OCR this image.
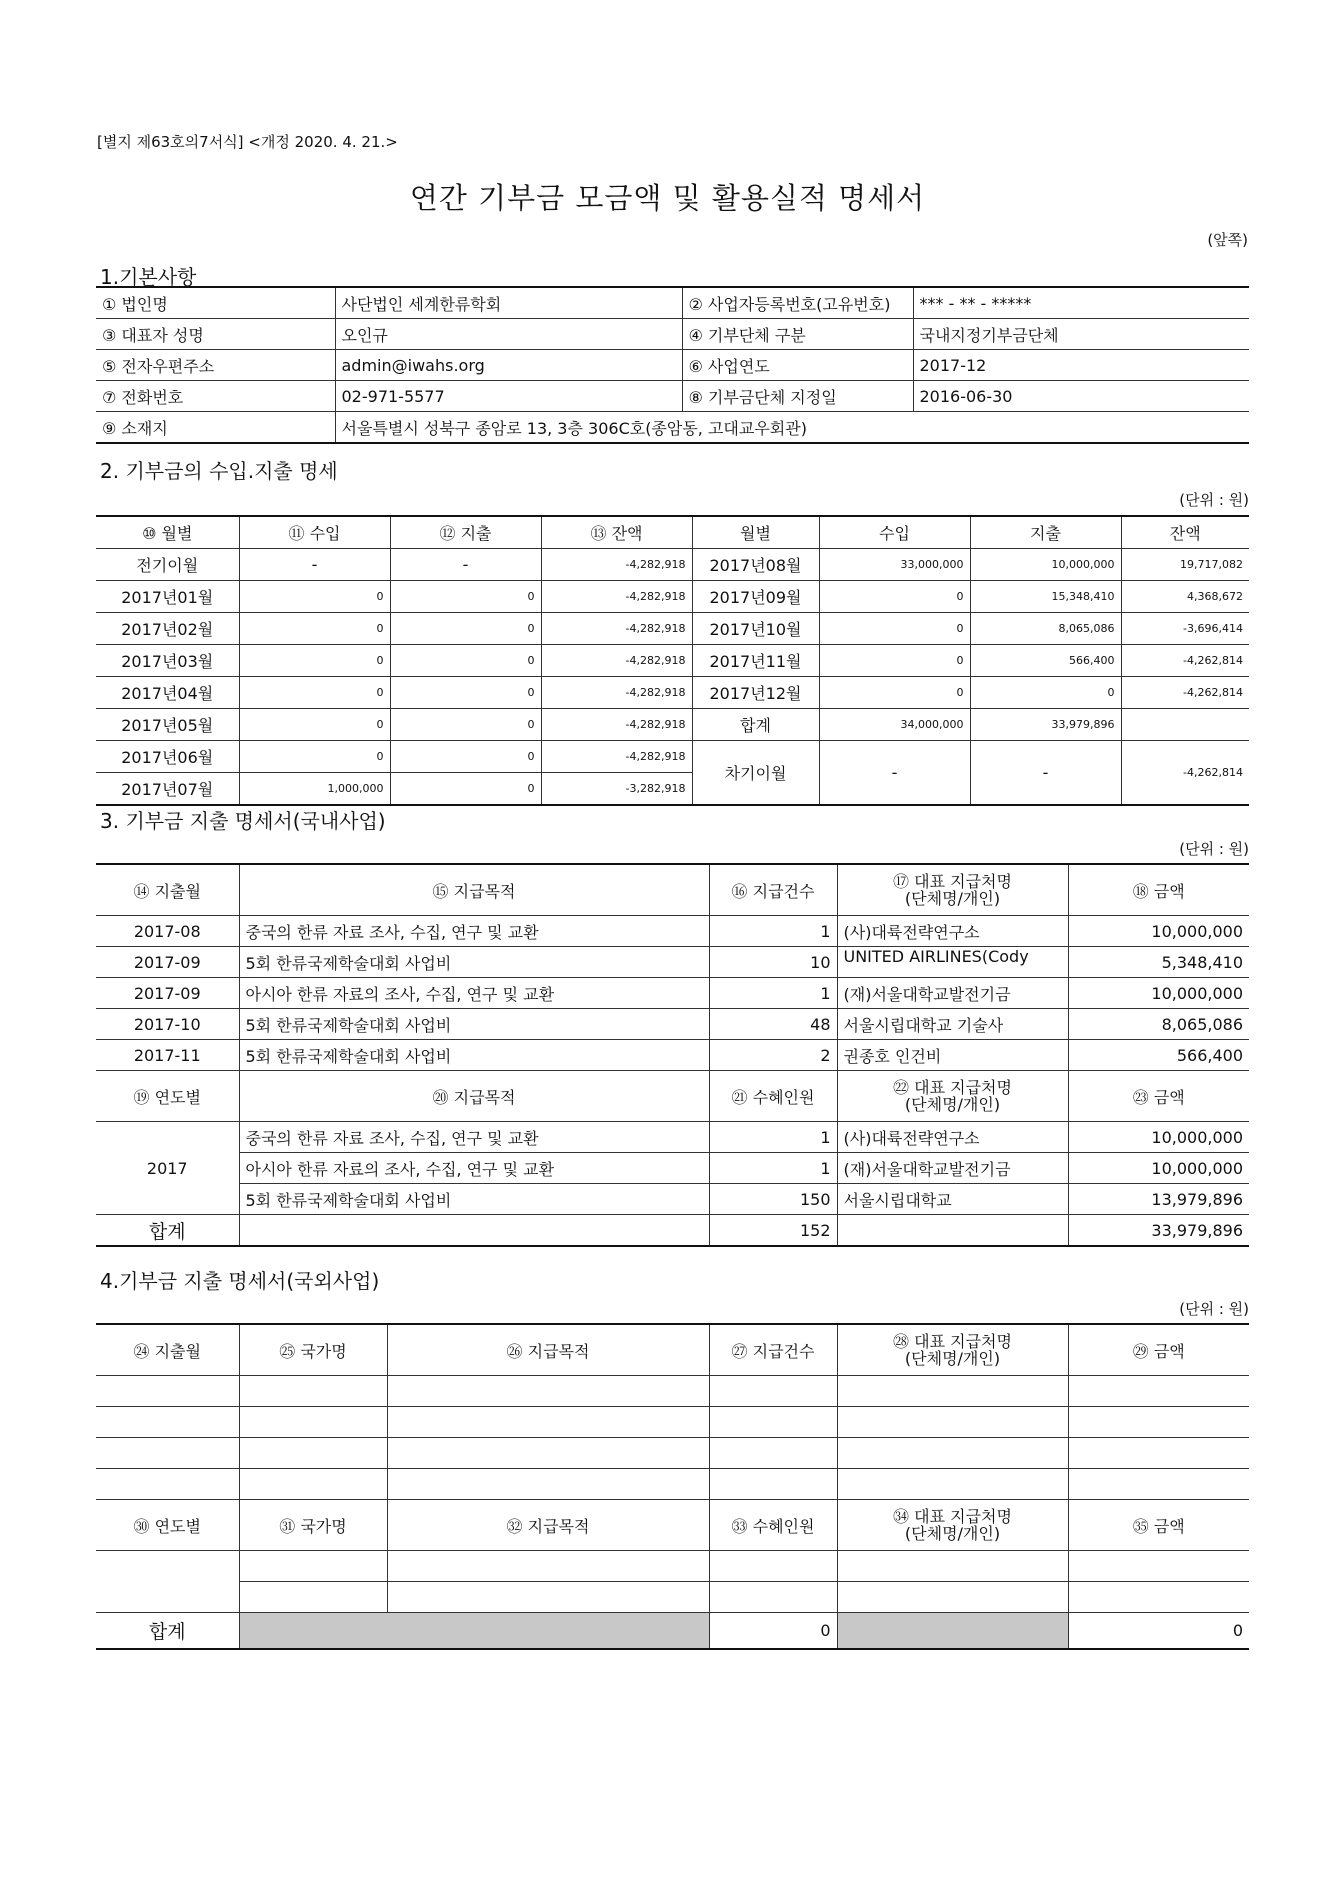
[별지 제63호의7서식] <개정 2020. 4. 21.>
연간 기부금 모금액 및 활용실적 명세서
(앞쪽)
1.기본사항
① 법인명	사단법인 세계한류학회	② 사업자등록번호(고유번호)	*** - ** - *****
③ 대표자 성명	오인규	④ 기부단체 구분	국내지정기부금단체
⑤ 전자우편주소	admin@iwahs.org	⑥ 사업연도	2017-12
⑦ 전화번호	02-971-5577	⑧ 기부금단체 지정일	2016-06-30
⑨ 소재지	서울특별시 성북구 종암로 13, 3층 306C호(종암동, 고대교우회관)		
2. 기부금의 수입.지출 명세
(단위 : 원)
⑩ 월별	⑪ 수입	⑫ 지출	⑬ 잔액	월별	수입	지출	잔액
전기이월	-	-	-4,282,918	2017년08월	33,000,000	10,000,000	19,717,082
2017년01월	0	0	-4,282,918	2017년09월	0	15,348,410	4,368,672
2017년02월	0	0	-4,282,918	2017년10월	0	8,065,086	-3,696,414
2017년03월	0	0	-4,282,918	2017년11월	0	566,400	-4,262,814
2017년04월	0	0	-4,282,918	2017년12월	0	0	-4,262,814
2017년05월	0	0	-4,282,918	합계	34,000,000	33,979,896	
2017년06월	0	0	-4,282,918	차기이월	-	-	-4,262,814
2017년07월	1,000,000	0	-3,282,918				
3. 기부금 지출 명세서(국내사업)
(단위 : 원)
⑭ 지출월	⑮ 지급목적	⑯ 지급건수	⑰ 대표 지급처명
(단체명/개인)	⑱ 금액
2017-08	중국의 한류 자료 조사, 수집, 연구 및 교환	1	(사)대륙전략연구소	10,000,000
2017-09	5회 한류국제학술대회 사업비	10	UNITED AIRLINES(Cody	5,348,410
2017-09	아시아 한류 자료의 조사, 수집, 연구 및 교환	1	(재)서울대학교발전기금	10,000,000
2017-10	5회 한류국제학술대회 사업비	48	서울시립대학교 기술사	8,065,086
2017-11	5회 한류국제학술대회 사업비	2	권종호 인건비	566,400
⑲ 연도별	⑳ 지급목적	㉑ 수혜인원	㉒ 대표 지급처명
(단체명/개인)	㉓ 금액
2017	중국의 한류 자료 조사, 수집, 연구 및 교환	1	(사)대륙전략연구소	10,000,000
	아시아 한류 자료의 조사, 수집, 연구 및 교환	1	(재)서울대학교발전기금	10,000,000
	5회 한류국제학술대회 사업비	150	서울시립대학교	13,979,896
합계		152		33,979,896
4.기부금 지출 명세서(국외사업)
(단위 : 원)
㉔ 지출월	㉕ 국가명	㉖ 지급목적	㉗ 지급건수	㉘ 대표 지급처명
(단체명/개인)	㉙ 금액

㉚ 연도별	㉛ 국가명	㉜ 지급목적	㉝ 수혜인원	㉞ 대표 지급처명
(단체명/개인)	㉟ 금액

합계			0		0
